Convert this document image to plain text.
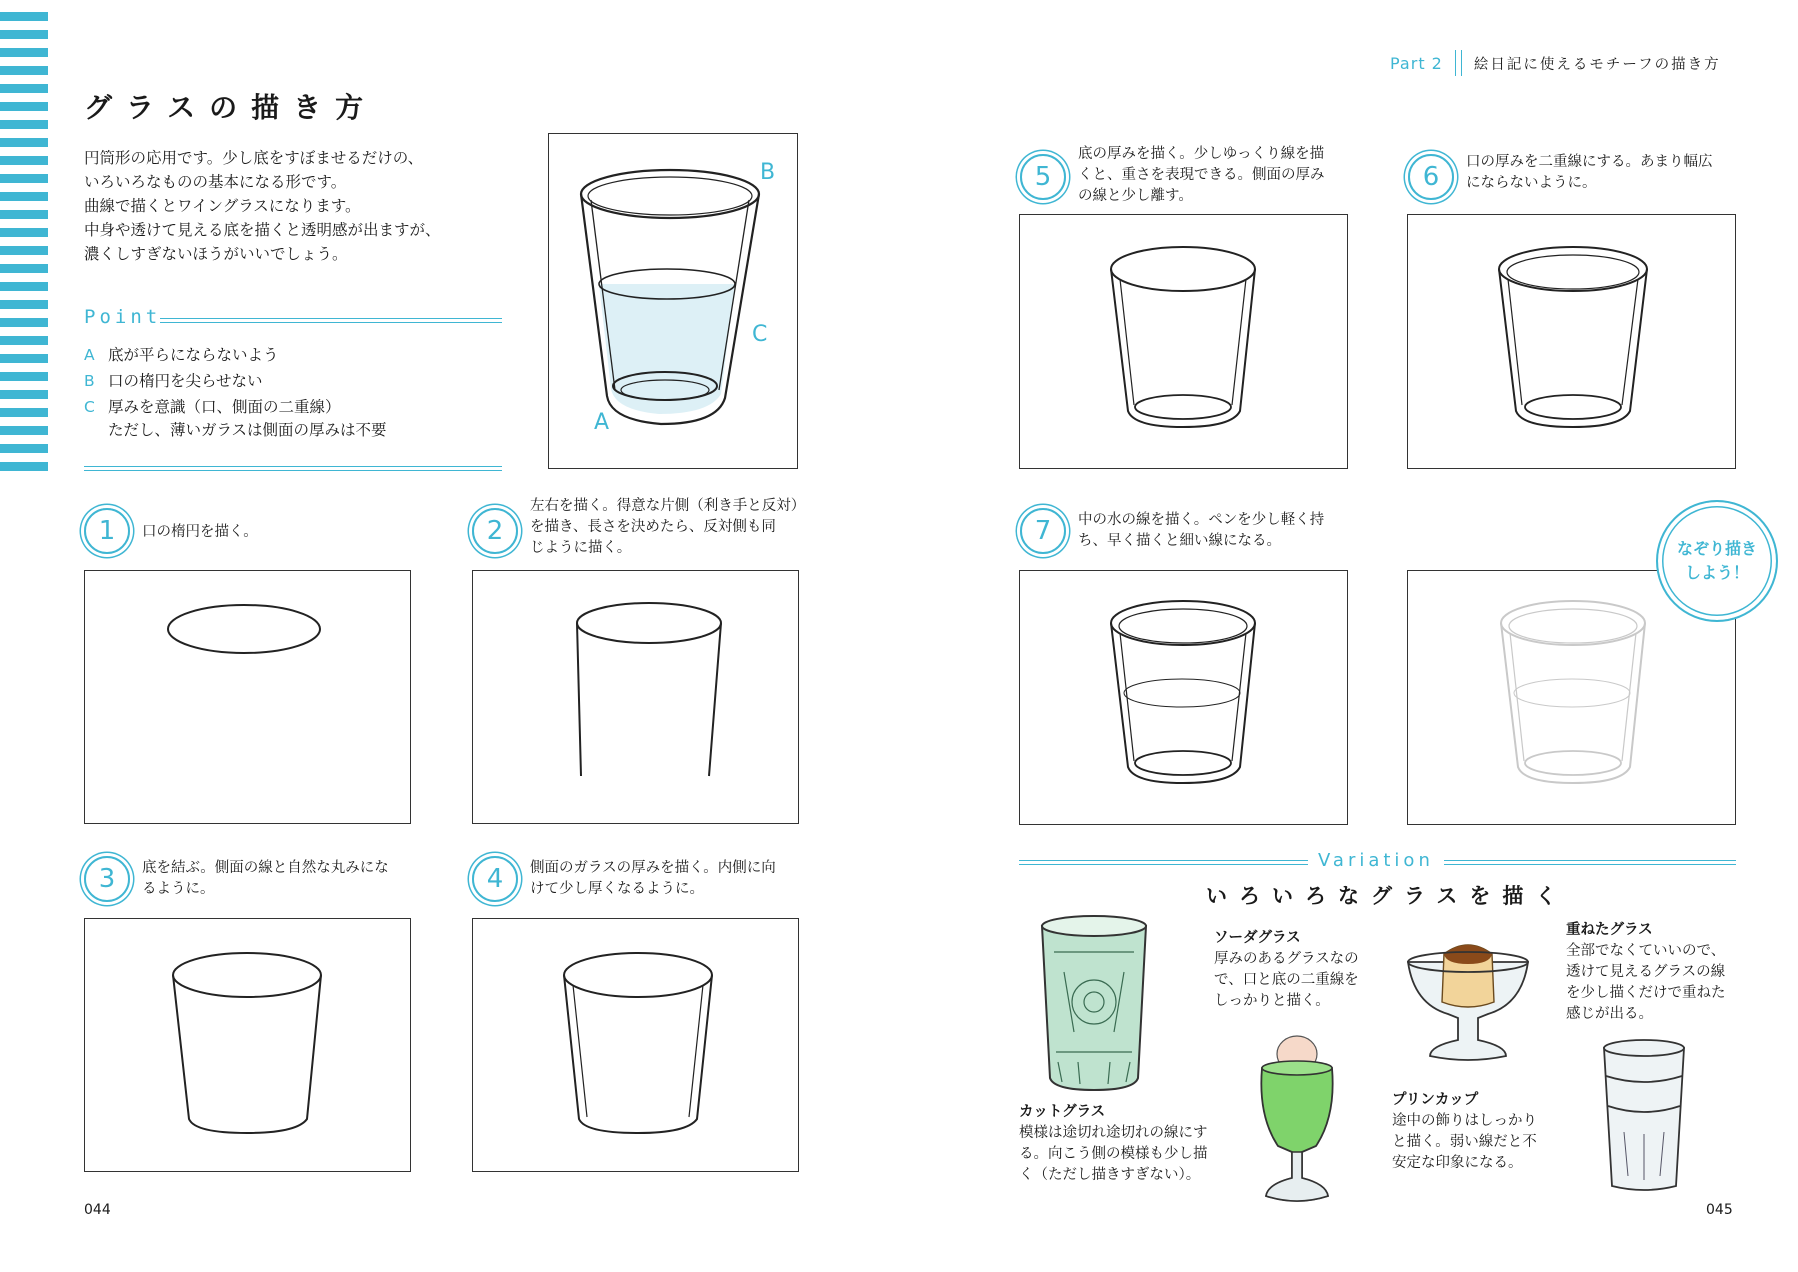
Part 2 絵日記に使えるモチーフの描き方
グラスの描き方
円筒形の応用です。少し底をすぼませるだけの、
いろいろなものの基本になる形です。
曲線で描くとワイングラスになります。
中身や透けて見える底を描くと透明感が出ますが、
濃くしすぎないほうがいいでしょう。
Point
A 底が平らにならないよう
B 口の楕円を尖らせない
C 厚みを意識（口、側面の二重線）
ただし、薄いガラスは側面の厚みは不要
B
C
A
1	口の楕円を描く。	2
左右を描く。得意な片側（利き手と反対）
を描き、長さを決めたら、反対側も同
じように描く。
3	底を結ぶ。側面の線と自然な丸みにな
るように。	4	側面のガラスの厚みを描く。内側に向
けて少し厚くなるように。
044
5
底の厚みを描く。少しゆっくり線を描
くと、重さを表現できる。側面の厚み
の線と少し離す。
6	口の厚みを二重線にする。あまり幅広
にならないように。
7	中の水の線を描く。ペンを少し軽く持
ち、早く描くと細い線になる。	なぞり描き
しよう！
Variation
いろいろなグラスを描く
カットグラス
模様は途切れ途切れの線にす
る。向こう側の模様も少し描
く（ただし描きすぎない）。
ソーダグラス
厚みのあるグラスなの
で、口と底の二重線を
しっかりと描く。
プリンカップ
途中の飾りはしっかり
と描く。弱い線だと不
安定な印象になる。
重ねたグラス
全部でなくていいので、
透けて見えるグラスの線
を少し描くだけで重ねた
感じが出る。
045
